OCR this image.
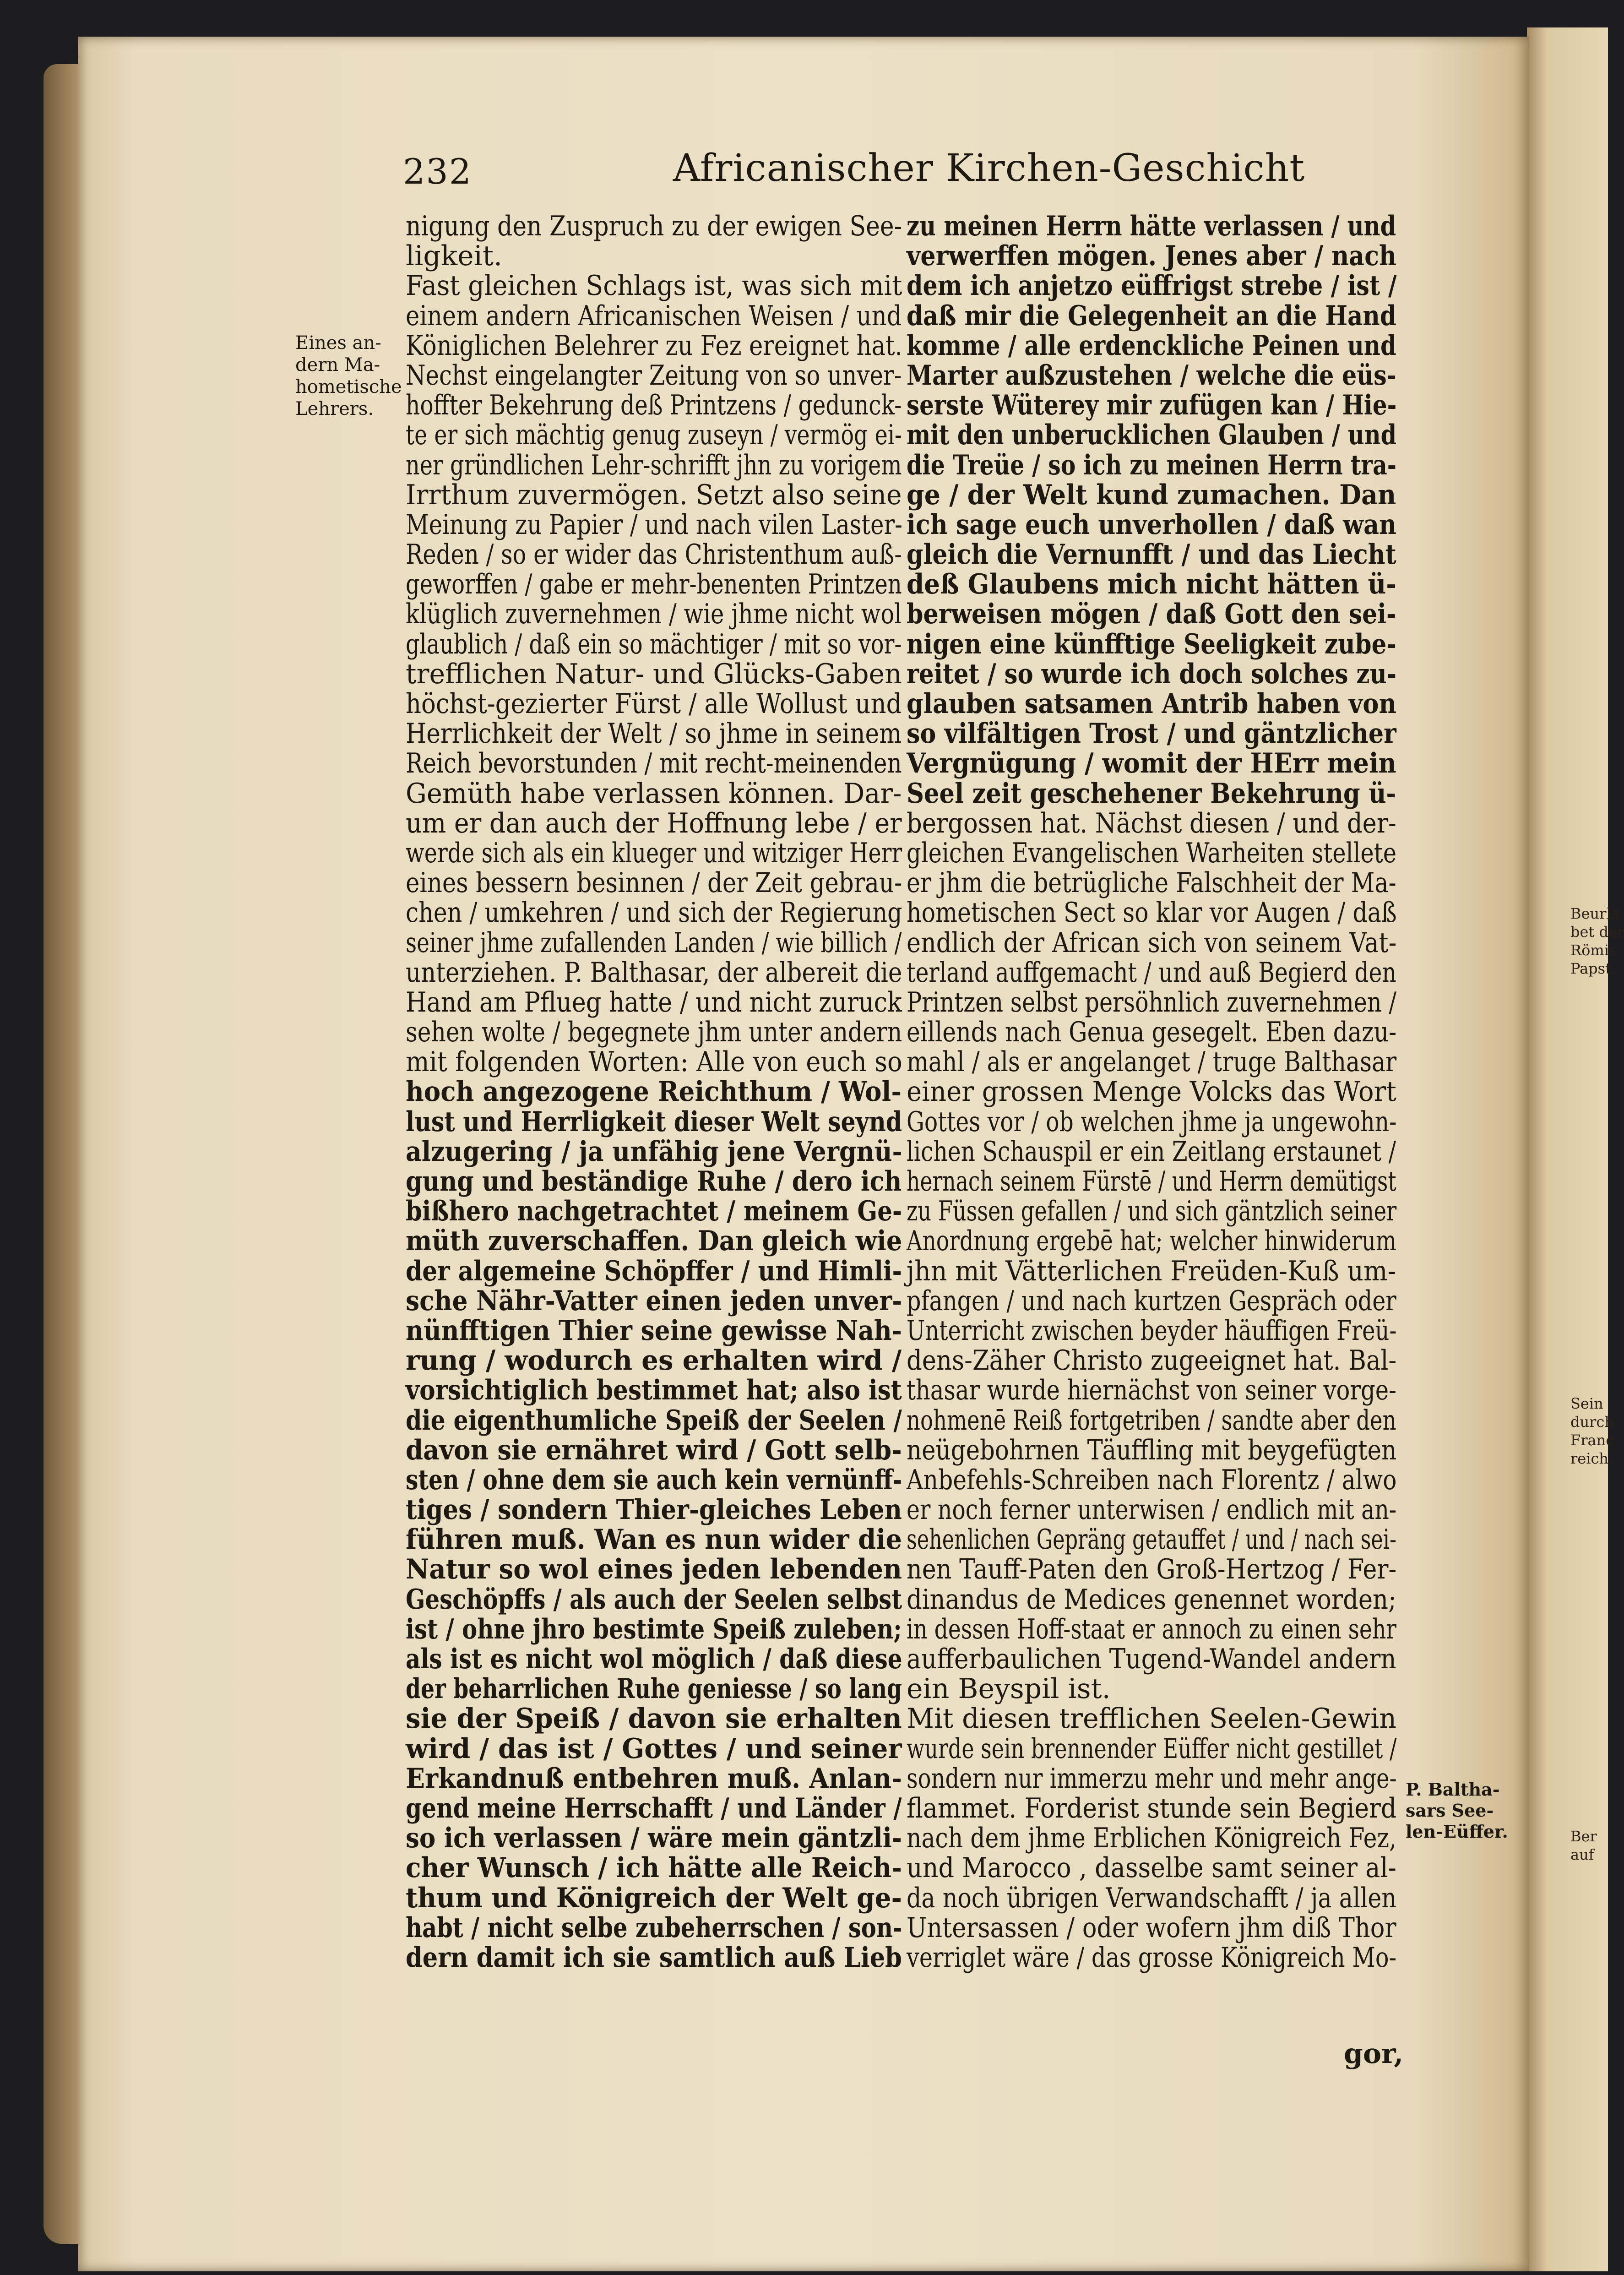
232	Africanischer Kirchen-Geschicht
Eines an-
dern Ma-
hometische
Lehrers.
P. Baltha-
sars See-
len-Eüffer.
Beurla
bet der
Römis
Papst.
Sein
durch
Franc
reich.
Ber
auf
nigung den Zuspruch zu der ewigen See-
ligkeit.
Fast gleichen Schlags ist, was sich mit
einem andern Africanischen Weisen / und
Königlichen Belehrer zu Fez ereignet hat.
Nechst eingelangter Zeitung von so unver-
hoffter Bekehrung deß Printzens / gedunck-
te er sich mächtig genug zuseyn / vermög ei-
ner gründlichen Lehr-schrifft jhn zu vorigem
Irrthum zuvermögen. Setzt also seine
Meinung zu Papier / und nach vilen Laster-
Reden / so er wider das Christenthum auß-
geworffen / gabe er mehr-benenten Printzen
klüglich zuvernehmen / wie jhme nicht wol
glaublich / daß ein so mächtiger / mit so vor-
trefflichen Natur- und Glücks-Gaben
höchst-gezierter Fürst / alle Wollust und
Herrlichkeit der Welt / so jhme in seinem
Reich bevorstunden / mit recht-meinenden
Gemüth habe verlassen können. Dar-
um er dan auch der Hoffnung lebe / er
werde sich als ein klueger und witziger Herr
eines bessern besinnen / der Zeit gebrau-
chen / umkehren / und sich der Regierung
seiner jhme zufallenden Landen / wie billich /
unterziehen. P. Balthasar, der albereit die
Hand am Pflueg hatte / und nicht zuruck
sehen wolte / begegnete jhm unter andern
mit folgenden Worten: Alle von euch so
hoch angezogene Reichthum / Wol-
lust und Herrligkeit dieser Welt seynd
alzugering / ja unfähig jene Vergnü-
gung und beständige Ruhe / dero ich
bißhero nachgetrachtet / meinem Ge-
müth zuverschaffen. Dan gleich wie
der algemeine Schöpffer / und Himli-
sche Nähr-Vatter einen jeden unver-
nünfftigen Thier seine gewisse Nah-
rung / wodurch es erhalten wird /
vorsichtiglich bestimmet hat; also ist
die eigenthumliche Speiß der Seelen /
davon sie ernähret wird / Gott selb-
sten / ohne dem sie auch kein vernünff-
tiges / sondern Thier-gleiches Leben
führen muß. Wan es nun wider die
Natur so wol eines jeden lebenden
Geschöpffs / als auch der Seelen selbst
ist / ohne jhro bestimte Speiß zuleben;
als ist es nicht wol möglich / daß diese
der beharrlichen Ruhe geniesse / so lang
sie der Speiß / davon sie erhalten
wird / das ist / Gottes / und seiner
Erkandnuß entbehren muß. Anlan-
gend meine Herrschafft / und Länder /
so ich verlassen / wäre mein gäntzli-
cher Wunsch / ich hätte alle Reich-
thum und Königreich der Welt ge-
habt / nicht selbe zubeherrschen / son-
dern damit ich sie samtlich auß Lieb
zu meinen Herrn hätte verlassen / und
verwerffen mögen. Jenes aber / nach
dem ich anjetzo eüffrigst strebe / ist /
daß mir die Gelegenheit an die Hand
komme / alle erdenckliche Peinen und
Marter außzustehen / welche die eüs-
serste Wüterey mir zufügen kan / Hie-
mit den unberucklichen Glauben / und
die Treüe / so ich zu meinen Herrn tra-
ge / der Welt kund zumachen. Dan
ich sage euch unverhollen / daß wan
gleich die Vernunfft / und das Liecht
deß Glaubens mich nicht hätten ü-
berweisen mögen / daß Gott den sei-
nigen eine künfftige Seeligkeit zube-
reitet / so wurde ich doch solches zu-
glauben satsamen Antrib haben von
so vilfältigen Trost / und gäntzlicher
Vergnügung / womit der HErr mein
Seel zeit geschehener Bekehrung ü-
bergossen hat. Nächst diesen / und der-
gleichen Evangelischen Warheiten stellete
er jhm die betrügliche Falschheit der Ma-
hometischen Sect so klar vor Augen / daß
endlich der African sich von seinem Vat-
terland auffgemacht / und auß Begierd den
Printzen selbst persöhnlich zuvernehmen /
eillends nach Genua gesegelt. Eben dazu-
mahl / als er angelanget / truge Balthasar
einer grossen Menge Volcks das Wort
Gottes vor / ob welchen jhme ja ungewohn-
lichen Schauspil er ein Zeitlang erstaunet /
hernach seinem Fürstē / und Herrn demütigst
zu Füssen gefallen / und sich gäntzlich seiner
Anordnung ergebē hat; welcher hinwiderum
jhn mit Vätterlichen Freüden-Kuß um-
pfangen / und nach kurtzen Gespräch oder
Unterricht zwischen beyder häuffigen Freü-
dens-Zäher Christo zugeeignet hat. Bal-
thasar wurde hiernächst von seiner vorge-
nohmenē Reiß fortgetriben / sandte aber den
neügebohrnen Täuffling mit beygefügten
Anbefehls-Schreiben nach Florentz / alwo
er noch ferner unterwisen / endlich mit an-
sehenlichen Gepräng getauffet / und / nach sei-
nen Tauff-Paten den Groß-Hertzog / Fer-
dinandus de Medices genennet worden;
in dessen Hoff-staat er annoch zu einen sehr
aufferbaulichen Tugend-Wandel andern
ein Beyspil ist.
Mit diesen trefflichen Seelen-Gewin
wurde sein brennender Eüffer nicht gestillet /
sondern nur immerzu mehr und mehr ange-
flammet. Forderist stunde sein Begierd
nach dem jhme Erblichen Königreich Fez,
und Marocco , dasselbe samt seiner al-
da noch übrigen Verwandschafft / ja allen
Untersassen / oder wofern jhm diß Thor
verriglet wäre / das grosse Königreich Mo-
gor,
